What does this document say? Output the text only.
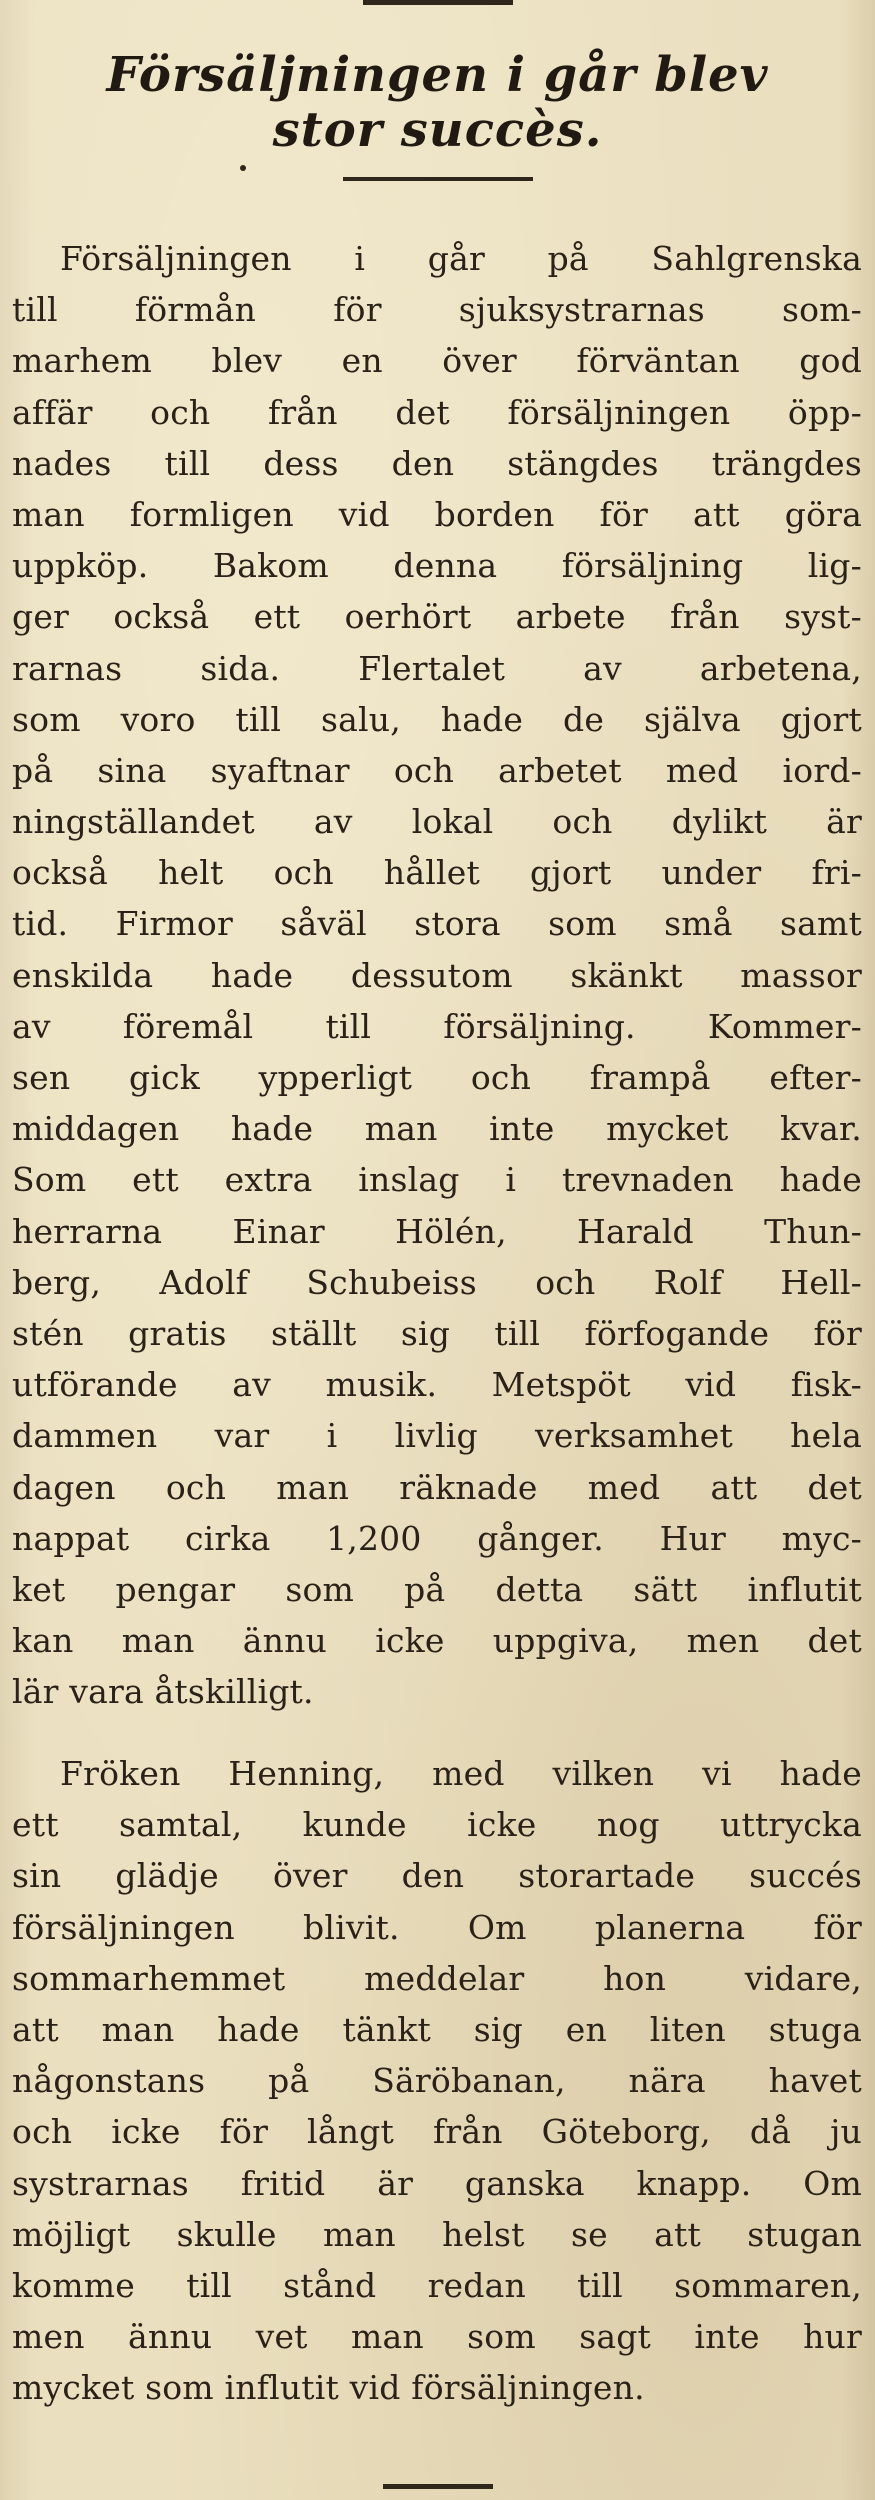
Försäljningen i går blev
stor succès.
Försäljningen i går på Sahlgrenska
till förmån för sjuksystrarnas som-
marhem blev en över förväntan god
affär och från det försäljningen öpp-
nades till dess den stängdes trängdes
man formligen vid borden för att göra
uppköp. Bakom denna försäljning lig-
ger också ett oerhört arbete från syst-
rarnas sida. Flertalet av arbetena,
som voro till salu, hade de själva gjort
på sina syaftnar och arbetet med iord-
ningställandet av lokal och dylikt är
också helt och hållet gjort under fri-
tid. Firmor såväl stora som små samt
enskilda hade dessutom skänkt massor
av föremål till försäljning. Kommer-
sen gick ypperligt och frampå efter-
middagen hade man inte mycket kvar.
Som ett extra inslag i trevnaden hade
herrarna Einar Hölén, Harald Thun-
berg, Adolf Schubeiss och Rolf Hell-
stén gratis ställt sig till förfogande för
utförande av musik. Metspöt vid fisk-
dammen var i livlig verksamhet hela
dagen och man räknade med att det
nappat cirka 1,200 gånger. Hur myc-
ket pengar som på detta sätt influtit
kan man ännu icke uppgiva, men det
lär vara åtskilligt.
Fröken Henning, med vilken vi hade
ett samtal, kunde icke nog uttrycka
sin glädje över den storartade succés
försäljningen blivit. Om planerna för
sommarhemmet meddelar hon vidare,
att man hade tänkt sig en liten stuga
någonstans på Säröbanan, nära havet
och icke för långt från Göteborg, då ju
systrarnas fritid är ganska knapp. Om
möjligt skulle man helst se att stugan
komme till stånd redan till sommaren,
men ännu vet man som sagt inte hur
mycket som influtit vid försäljningen.
